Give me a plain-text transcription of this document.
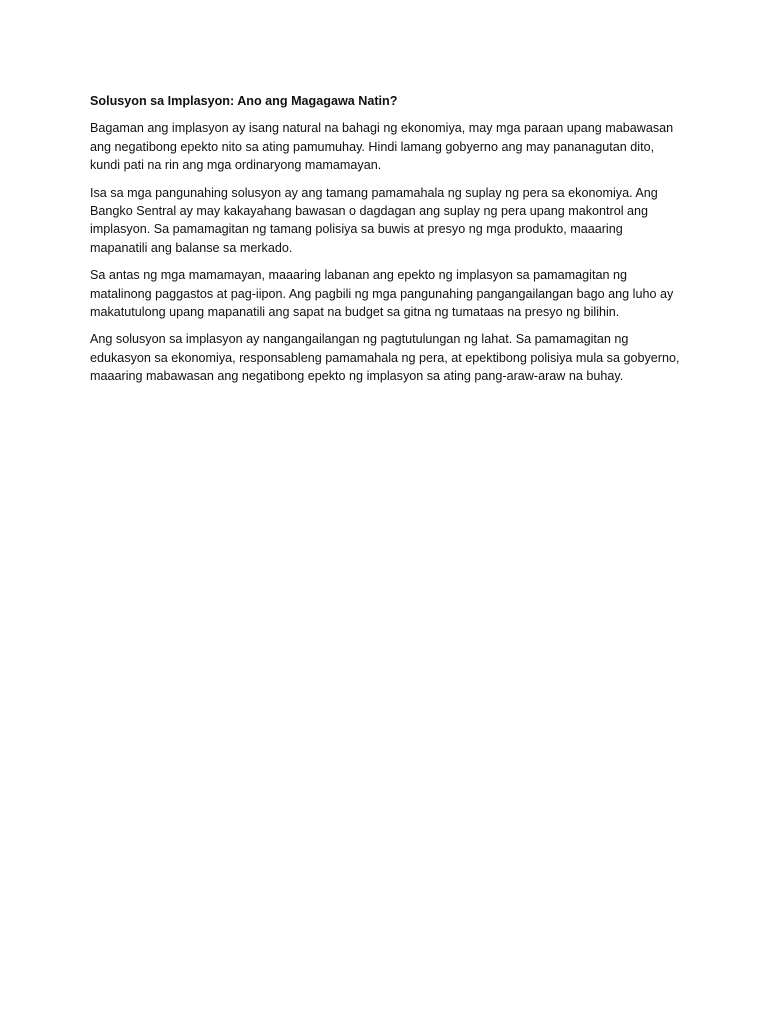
Solusyon sa Implasyon: Ano ang Magagawa Natin?

Bagaman ang implasyon ay isang natural na bahagi ng ekonomiya, may mga paraan upang mabawasan ang negatibong epekto nito sa ating pamumuhay. Hindi lamang gobyerno ang may pananagutan dito, kundi pati na rin ang mga ordinaryong mamamayan.

Isa sa mga pangunahing solusyon ay ang tamang pamamahala ng suplay ng pera sa ekonomiya. Ang Bangko Sentral ay may kakayahang bawasan o dagdagan ang suplay ng pera upang makontrol ang implasyon. Sa pamamagitan ng tamang polisiya sa buwis at presyo ng mga produkto, maaaring mapanatili ang balanse sa merkado.

Sa antas ng mga mamamayan, maaaring labanan ang epekto ng implasyon sa pamamagitan ng matalinong paggastos at pag-iipon. Ang pagbili ng mga pangunahing pangangailangan bago ang luho ay makatutulong upang mapanatili ang sapat na budget sa gitna ng tumataas na presyo ng bilihin.

Ang solusyon sa implasyon ay nangangailangan ng pagtutulungan ng lahat. Sa pamamagitan ng edukasyon sa ekonomiya, responsableng pamamahala ng pera, at epektibong polisiya mula sa gobyerno, maaaring mabawasan ang negatibong epekto ng implasyon sa ating pang-araw-araw na buhay.
